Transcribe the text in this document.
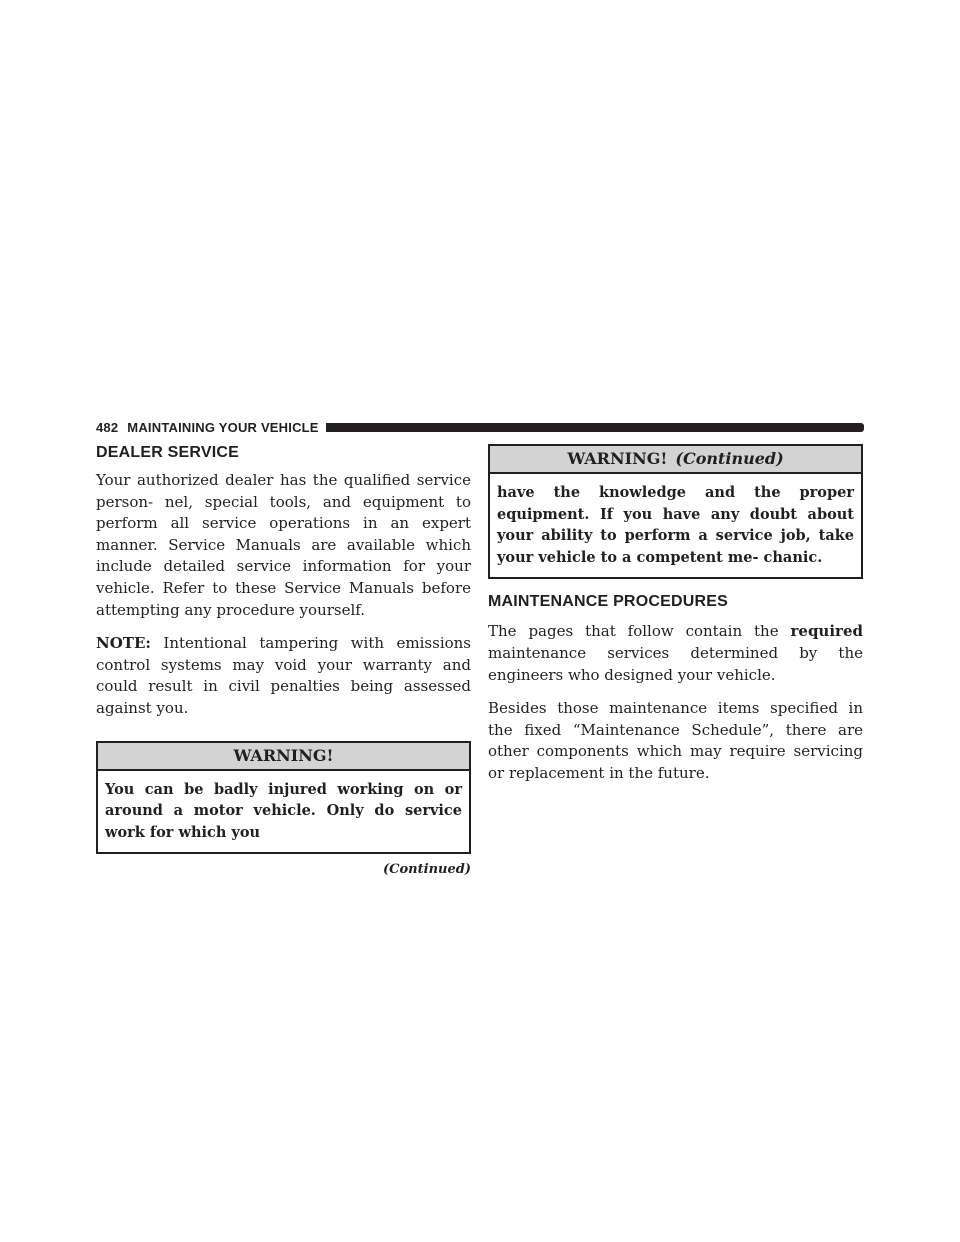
482 MAINTAINING YOUR VEHICLE
DEALER SERVICE

Your authorized dealer has the qualified service person- nel, special tools, and equipment to perform all service operations in an expert manner. Service Manuals are available which include detailed service information for your vehicle. Refer to these Service Manuals before attempting any procedure yourself.

NOTE: Intentional tampering with emissions control systems may void your warranty and could result in civil penalties being assessed against you.

WARNING!
You can be badly injured working on or around a motor vehicle. Only do service work for which you
(Continued)
WARNING! (Continued)
have the knowledge and the proper equipment. If you have any doubt about your ability to perform a service job, take your vehicle to a competent me- chanic.
MAINTENANCE PROCEDURES

The pages that follow contain the required maintenance services determined by the engineers who designed your vehicle.

Besides those maintenance items specified in the fixed “Maintenance Schedule”, there are other components which may require servicing or replacement in the future.
